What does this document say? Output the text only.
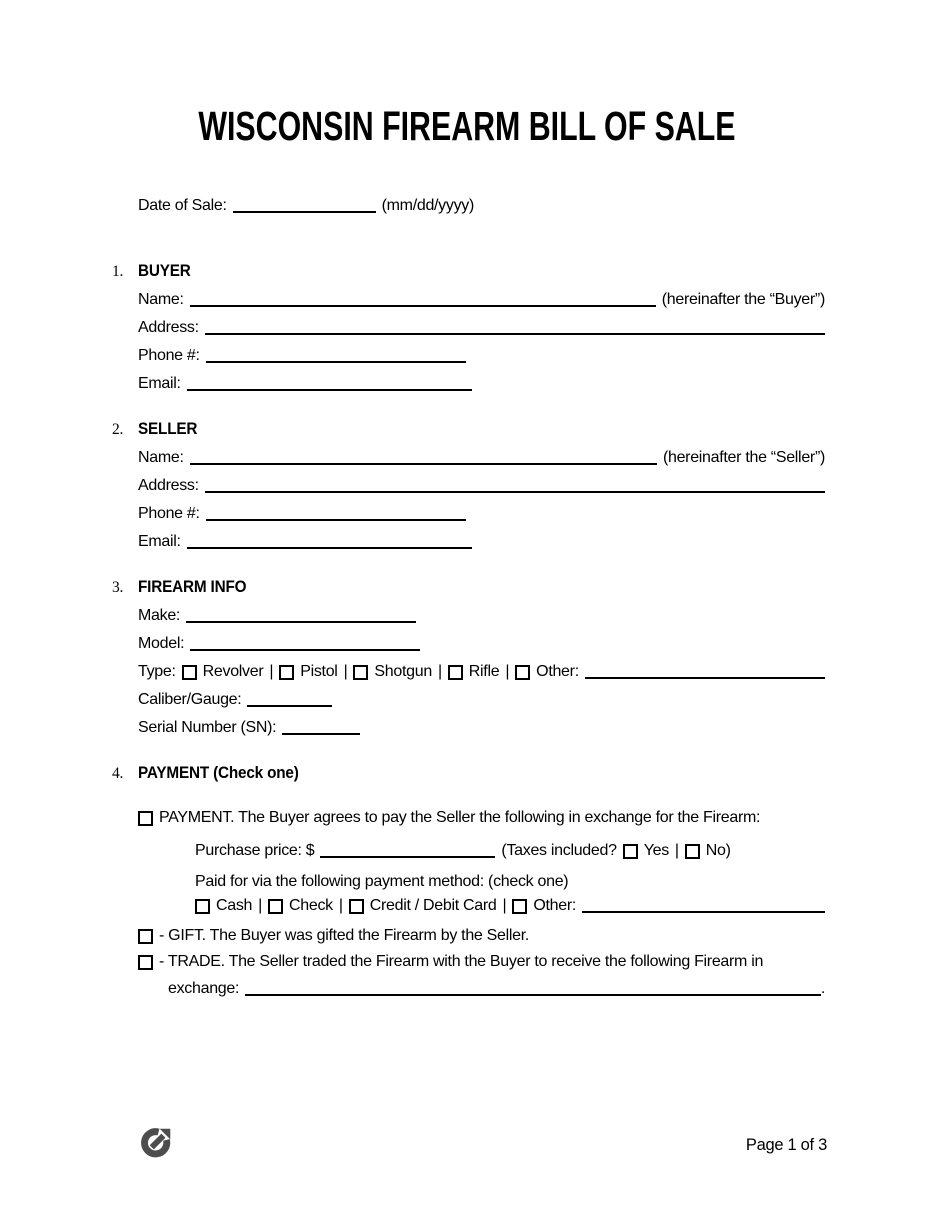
WISCONSIN FIREARM BILL OF SALE
Date of Sale:	(mm/dd/yyyy)
1. BUYER
Name:	(hereinafter the “Buyer”)
Address:
Phone #:
Email:
2. SELLER
Name:	(hereinafter the “Seller”)
Address:
Phone #:
Email:
3. FIREARM INFO
Make:
Model:
Type: Revolver | Pistol | Shotgun | Rifle | Other:
Caliber/Gauge:
Serial Number (SN):
4. PAYMENT (Check one)
PAYMENT. The Buyer agrees to pay the Seller the following in exchange for the Firearm:
Purchase price: $	(Taxes included? Yes | No )
Paid for via the following payment method: (check one)
Cash | Check | Credit / Debit Card | Other:
- GIFT. The Buyer was gifted the Firearm by the Seller.
- TRADE. The Seller traded the Firearm with the Buyer to receive the following Firearm in
exchange:	.
Page 1 of 3
